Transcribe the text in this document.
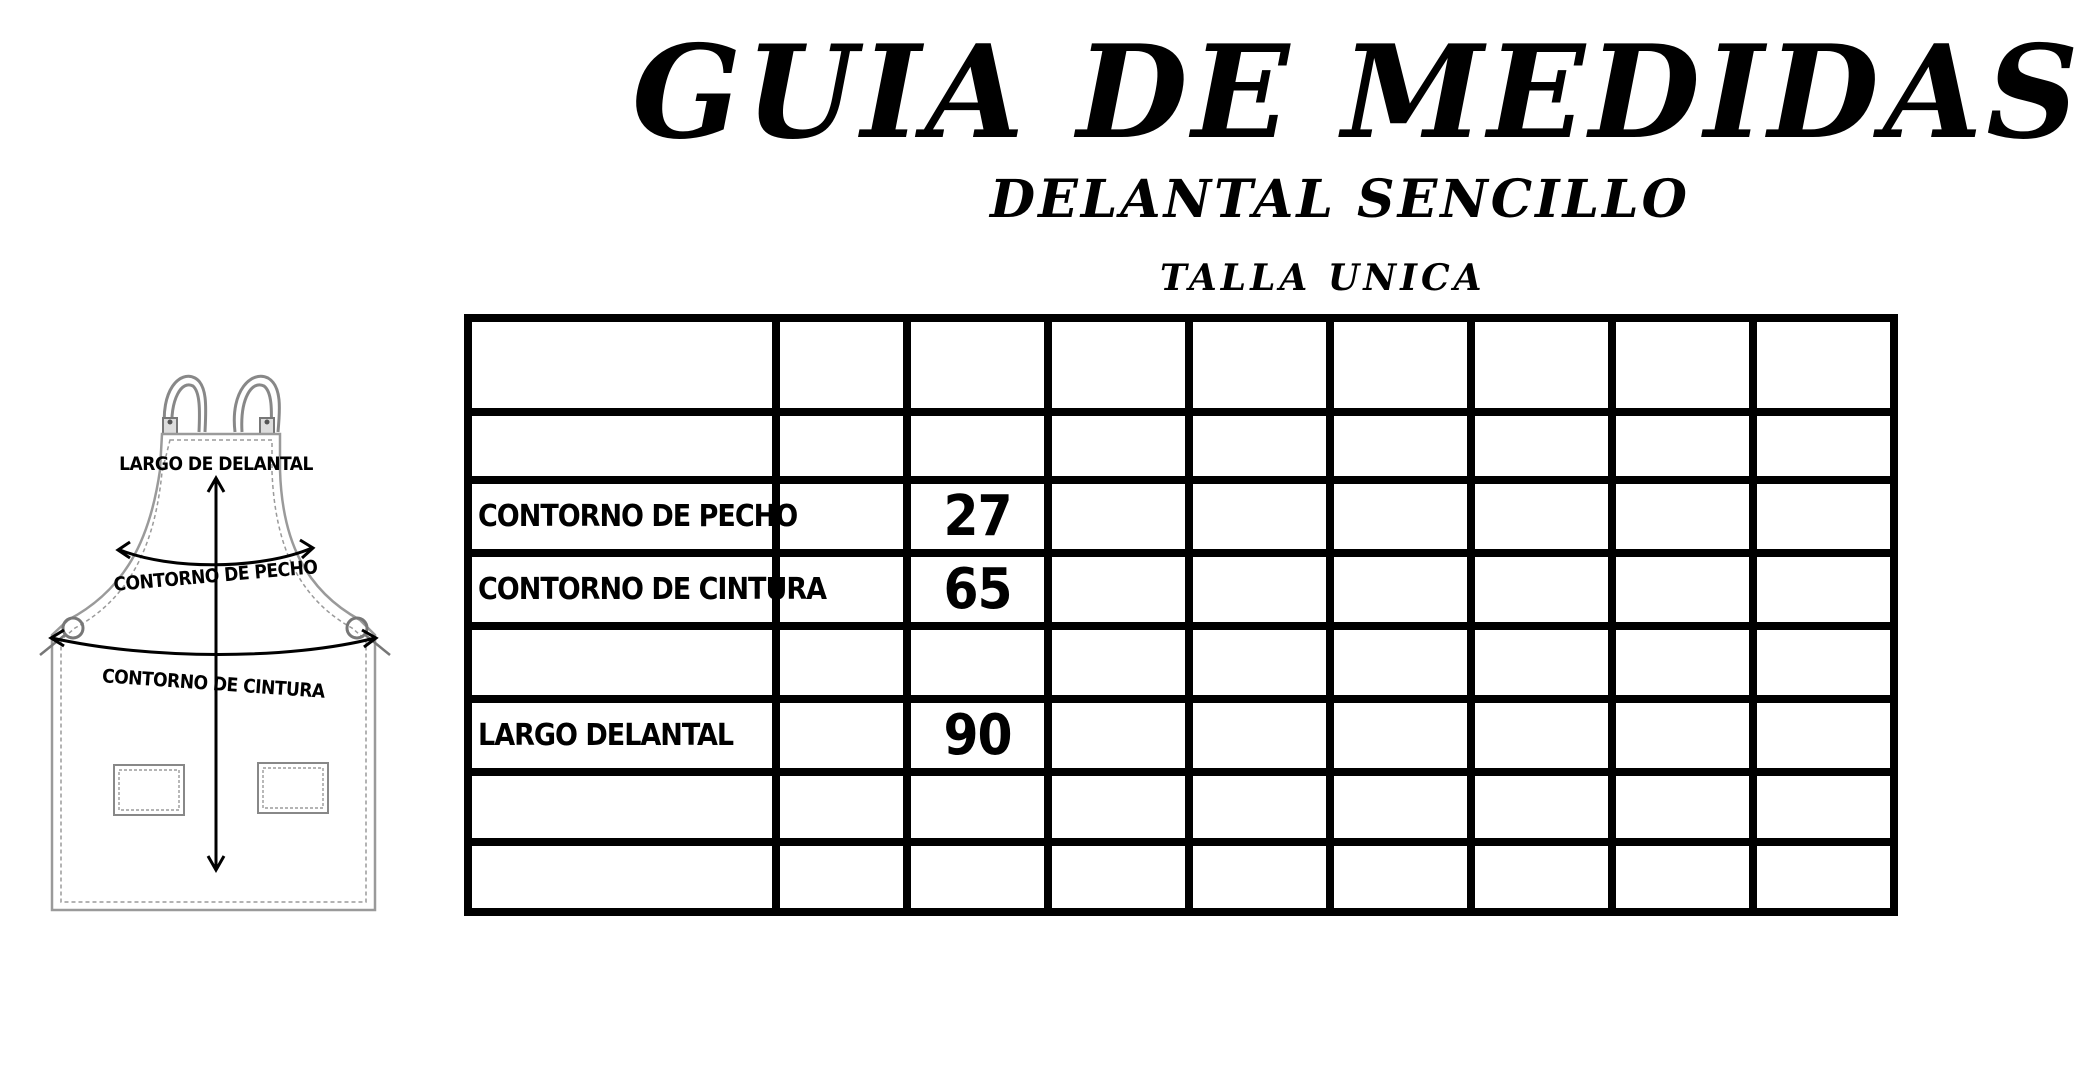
GUIA DE MEDIDAS
DELANTAL SENCILLO
TALLA UNICA
LARGO DE DELANTAL
CONTORNO DE PECHO
CONTORNO DE CINTURA

CONTORNO DE PECHO		27						
CONTORNO DE CINTURA		65						

LARGO DELANTAL		90						
